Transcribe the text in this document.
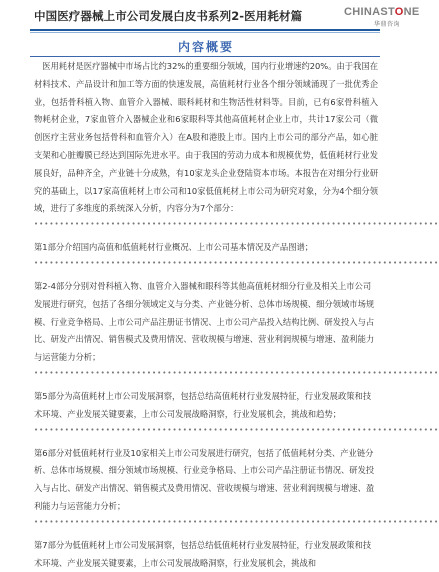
中国医疗器械上市公司发展白皮书系列2-医用耗材篇	CHINASTONE
华鼎咨询
内容概要

医用耗材是医疗器械中市场占比约32%的重要细分领域，国内行业增速约20%。由于我国在材料技术、产品设计和加工等方面的快速发展，高值耗材行业各个细分领域涌现了一批优秀企业，包括骨科植入物、血管介入器械、眼科耗材和生物活性材料等。目前，已有6家骨科植入物耗材企业，7家血管介入器械企业和6家眼科等其他高值耗材企业上市，共计17家公司（微创医疗主营业务包括骨科和血管介入）在A股和港股上市。国内上市公司的部分产品，如心脏支架和心脏瓣膜已经达到国际先进水平。由于我国的劳动力成本和规模优势，低值耗材行业发展良好，品种齐全，产业链十分成熟，有10家龙头企业登陆资本市场。本报告在对细分行业研究的基础上，以17家高值耗材上市公司和10家低值耗材上市公司为研究对象，分为4个细分领域，进行了多维度的系统深入分析，内容分为7个部分：

•••••••••••••••••••••••••••••••••••••••••••••••••••••••••••••••••••••••••••••••

第1部分介绍国内高值和低值耗材行业概况、上市公司基本情况及产品图谱；

•••••••••••••••••••••••••••••••••••••••••••••••••••••••••••••••••••••••••••••••

第2-4部分分别对骨科植入物、血管介入器械和眼科等其他高值耗材细分行业及相关上市公司发展进行研究，包括了各细分领域定义与分类、产业链分析、总体市场规模、细分领域市场规模、行业竞争格局、上市公司产品注册证书情况、上市公司产品投入结构比例、研发投入与占比、研发产出情况、销售模式及费用情况、营收规模与增速、营业利润规模与增速、盈利能力与运营能力分析；

•••••••••••••••••••••••••••••••••••••••••••••••••••••••••••••••••••••••••••••••

第5部分为高值耗材上市公司发展洞察，包括总结高值耗材行业发展特征，行业发展政策和技术环境、产业发展关键要素，上市公司发展战略洞察，行业发展机会，挑战和趋势；

•••••••••••••••••••••••••••••••••••••••••••••••••••••••••••••••••••••••••••••••

第6部分对低值耗材行业及10家相关上市公司发展进行研究，包括了低值耗材分类、产业链分析、总体市场规模、细分领域市场规模、行业竞争格局、上市公司产品注册证书情况、研发投入与占比、研发产出情况、销售模式及费用情况、营收规模与增速、营业利润规模与增速、盈利能力与运营能力分析；

•••••••••••••••••••••••••••••••••••••••••••••••••••••••••••••••••••••••••••••••

第7部分为低值耗材上市公司发展洞察，包括总结低值耗材行业发展特征，行业发展政策和技术环境、产业发展关键要素，上市公司发展战略洞察，行业发展机会，挑战和
